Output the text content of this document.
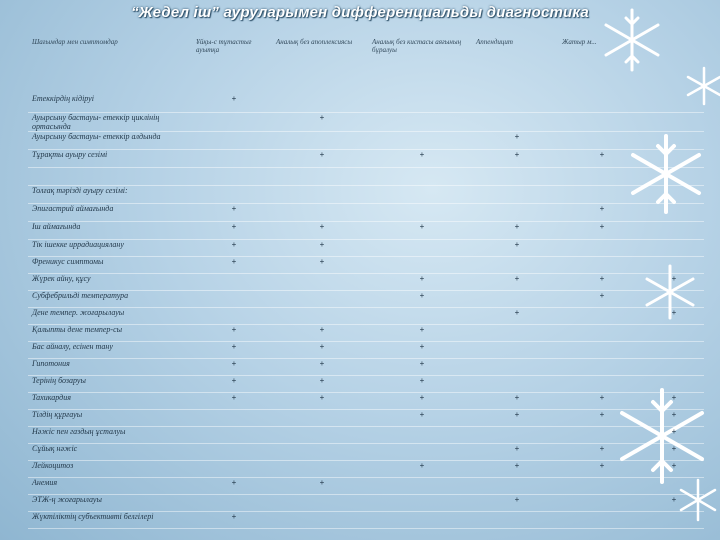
“Жедел іш” ауруларымен дифференциальды диагностика
Шағымдар мен симптомдар	Ұйқы-с тұтастығ ауытқа	Аналық без апоплексиясы	Аналық без кистасы аяғының бұралуы	Аппендицит	Жатыр м...		
Етеккірдің кідіруі	+						
Ауырсыну бастауы- етеккір циклінің ортасында		+					
Ауырсыну бастауы- етеккір алдында				+			
Тұрақты ауыру сезімі		+	+	+	+		

Толғақ тәрізді ауыру сезімі:							
Эпигастрий аймағында	+				+		
Іш аймағында	+	+	+	+	+		
Тік ішекке иррадиациялану	+	+		+			
Френикус симптомы	+	+					
Жүрек айну, құсу			+	+	+	+	
Субфебрильді температура			+		+		
Дене темпер. жоғарылауы				+		+	
Қалыпты дене темпер-сы	+	+	+				
Бас айналу, есінен тану	+	+	+				
Гипотония	+	+	+				
Терінің бозаруы	+	+	+				
Тахикардия	+	+	+	+	+	+	
Тілдің құрғауы			+	+	+	+	
Нәжіс пен газдың ұсталуы						+	
Сұйық нәжіс				+	+	+	
Лейкоцитоз			+	+	+	+	
Анемия	+	+					
ЭТЖ-ң жоғарылауы				+		+	
Жүктіліктің субъективті белгілері	+						
